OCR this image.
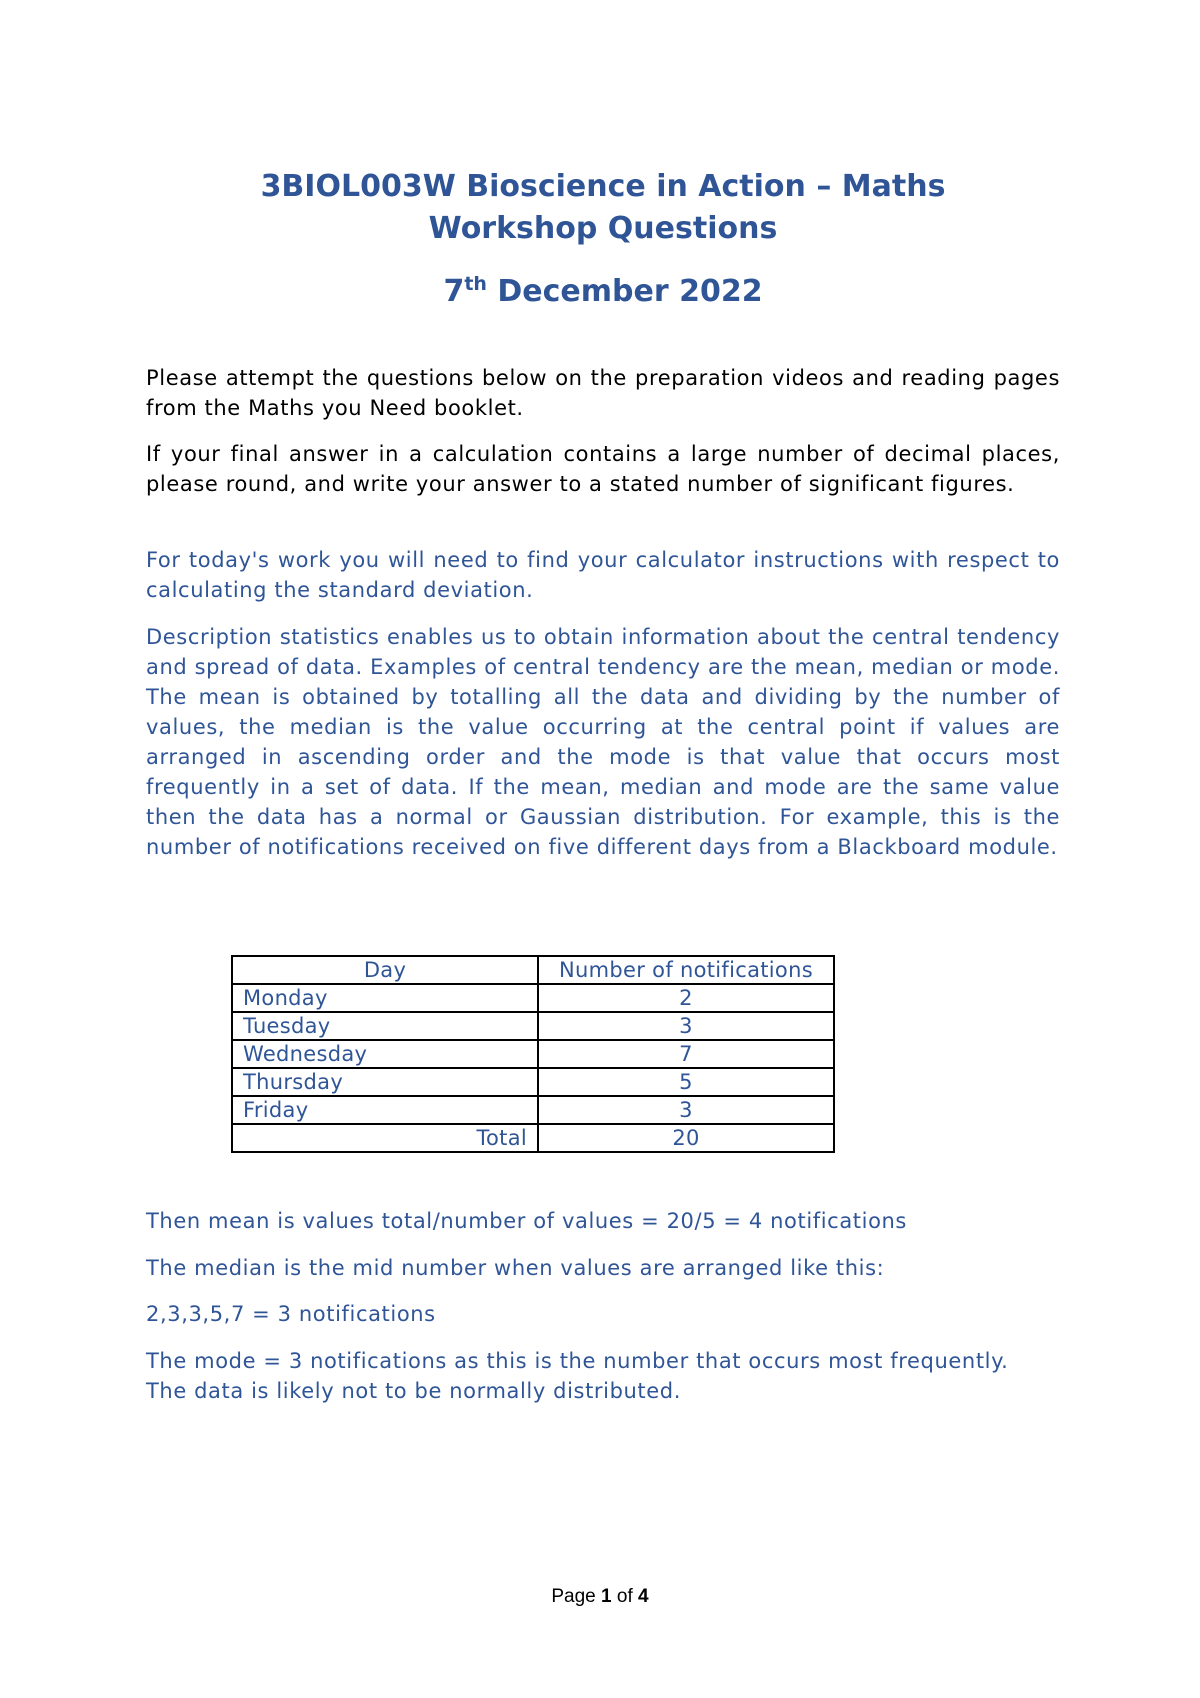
3BIOL003W Bioscience in Action – Maths
Workshop Questions
7th December 2022

Please attempt the questions below on the preparation videos and reading pages from the Maths you Need booklet.

If your final answer in a calculation contains a large number of decimal places, please round, and write your answer to a stated number of significant figures.

For today's work you will need to find your calculator instructions with respect to calculating the standard deviation.

Description statistics enables us to obtain information about the central tendency and spread of data. Examples of central tendency are the mean, median or mode. The mean is obtained by totalling all the data and dividing by the number of values, the median is the value occurring at the central point if values are arranged in ascending order and the mode is that value that occurs most frequently in a set of data. If the mean, median and mode are the same value then the data has a normal or Gaussian distribution. For example, this is the number of notifications received on five different days from a Blackboard module.

Day	Number of notifications
Monday	2
Tuesday	3
Wednesday	7
Thursday	5
Friday	3
Total	20

Then mean is values total/number of values = 20/5 = 4 notifications

The median is the mid number when values are arranged like this:

2,3,3,5,7 = 3 notifications

The mode = 3 notifications as this is the number that occurs most frequently.
The data is likely not to be normally distributed.
Page 1 of 4
